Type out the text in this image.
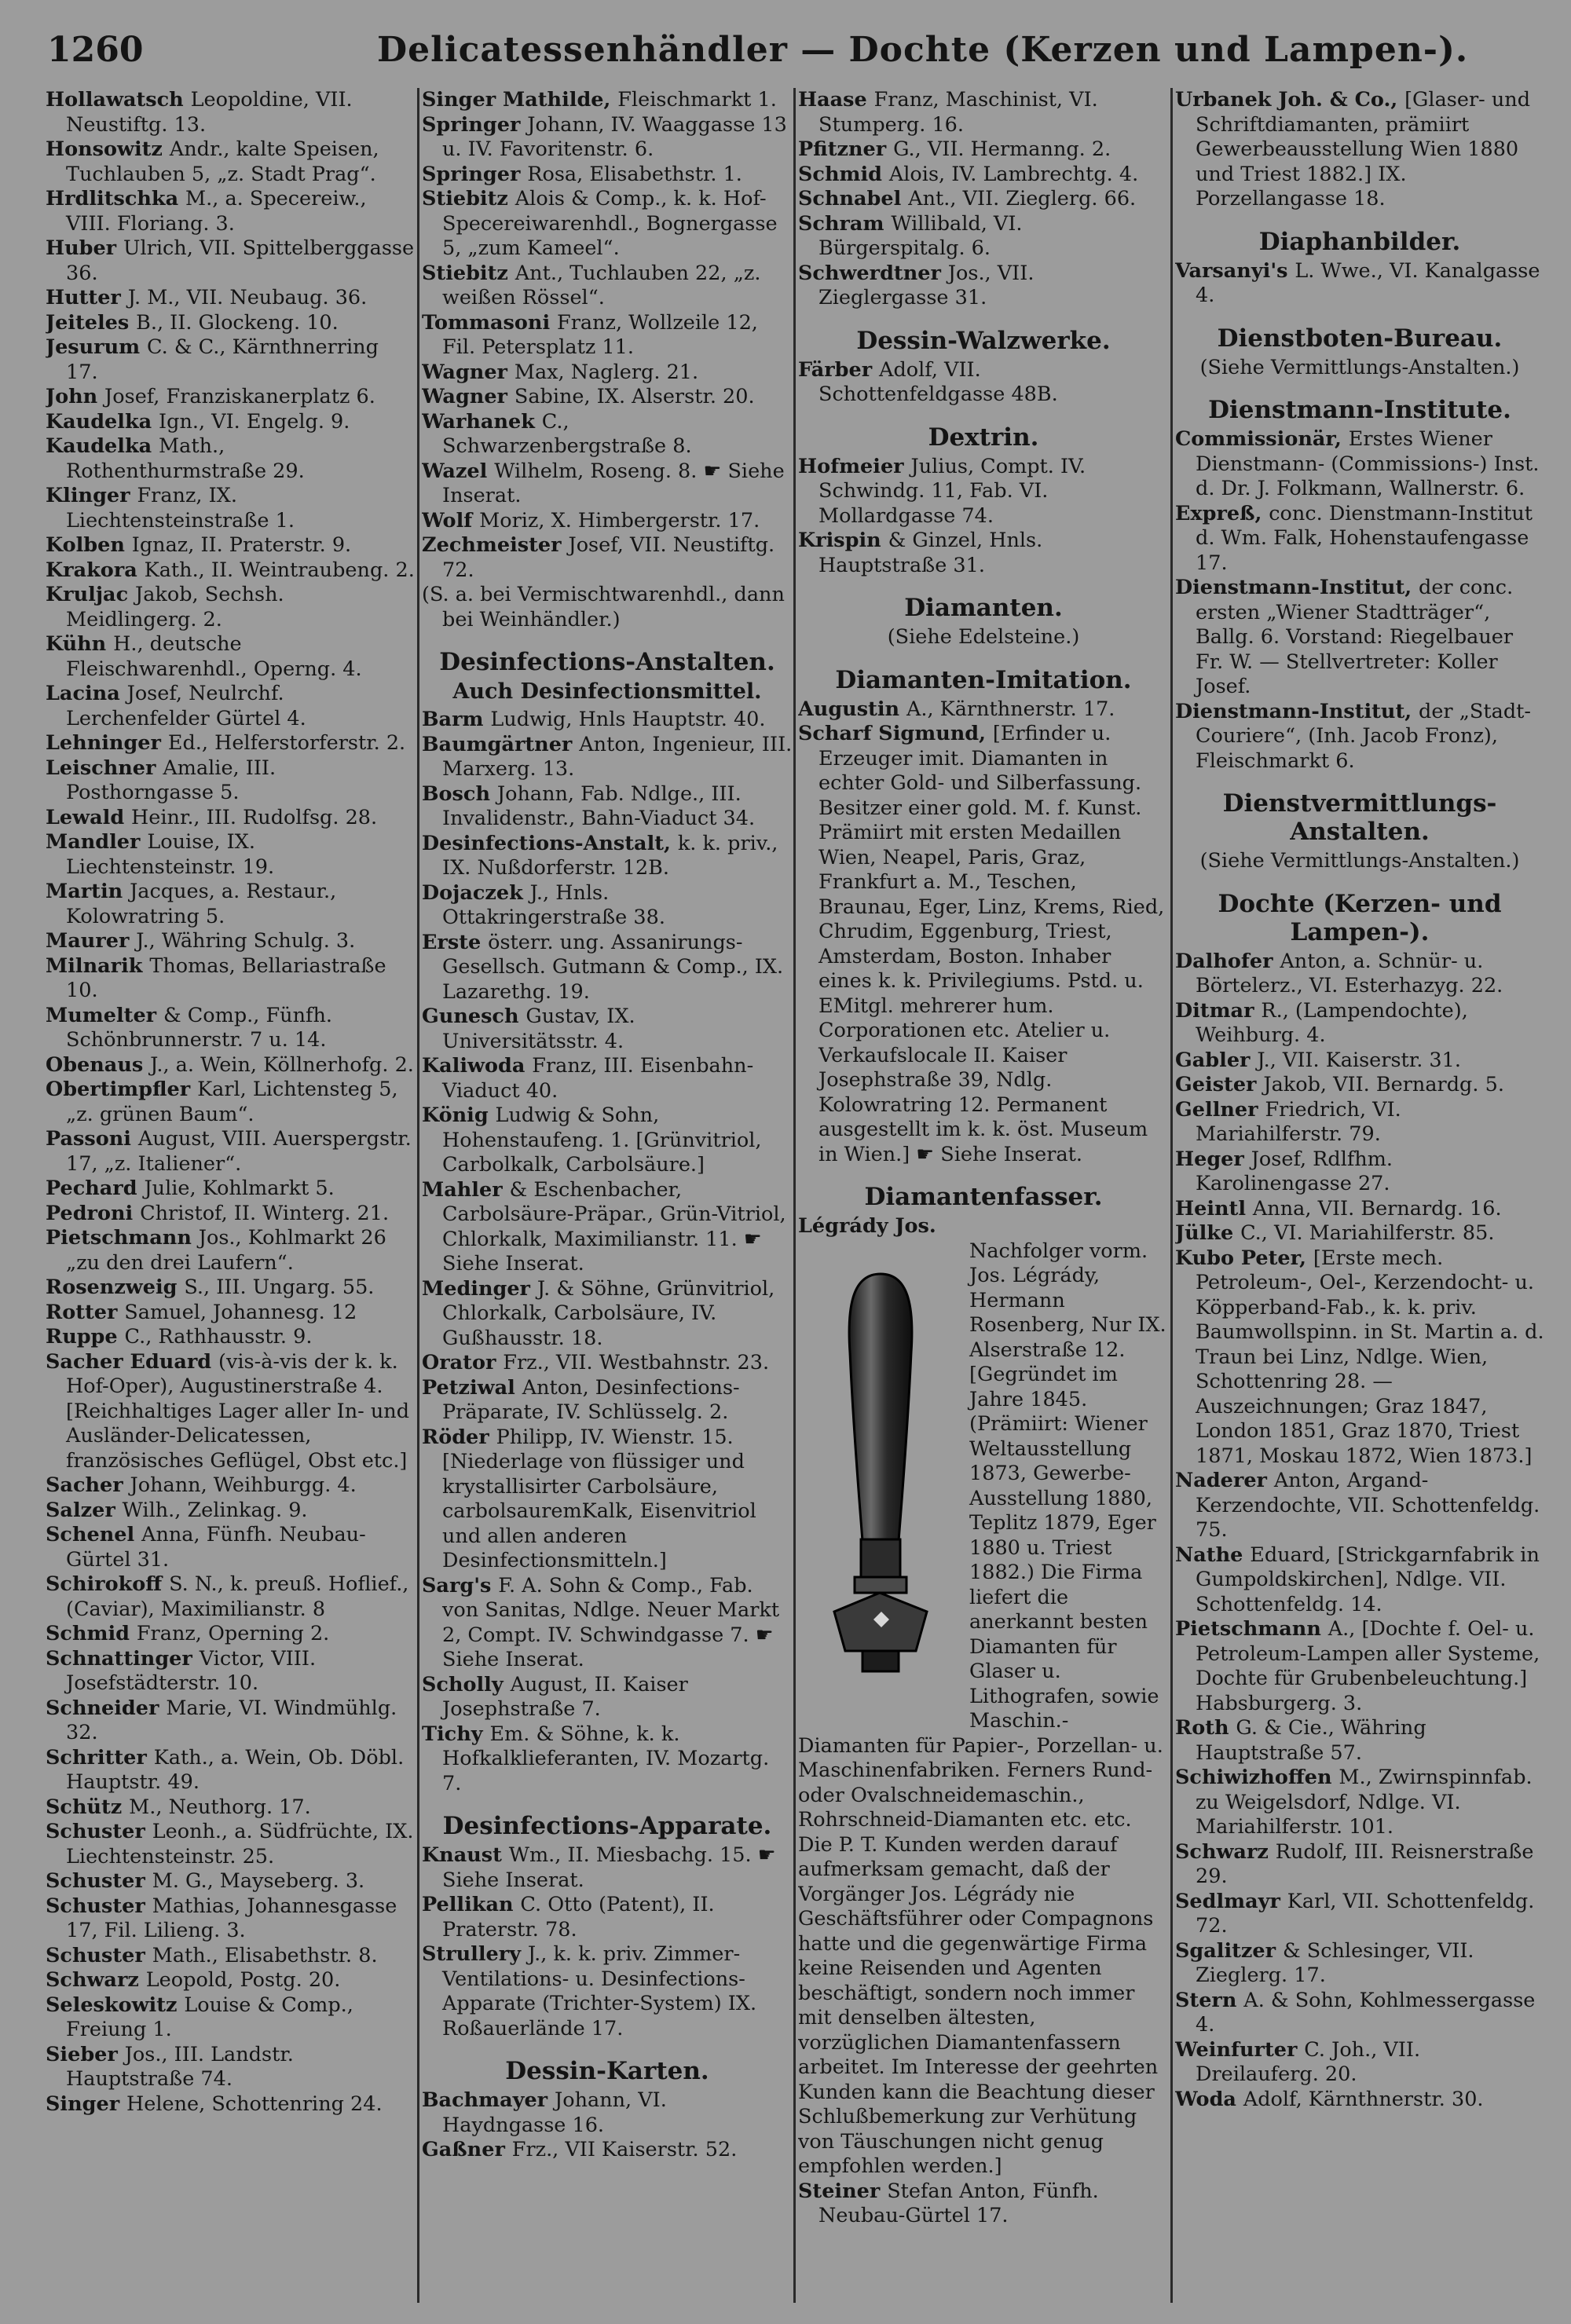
1260	Delicatessenhändler — Dochte (Kerzen und Lampen-).
Hollawatsch Leopoldine, VII. Neustiftg. 13.
Honsowitz Andr., kalte Speisen, Tuchlauben 5, „z. Stadt Prag“.
Hrdlitschka M., a. Specereiw., VIII. Floriang. 3.
Huber Ulrich, VII. Spittelberggasse 36.
Hutter J. M., VII. Neubaug. 36.
Jeiteles B., II. Glockeng. 10.
Jesurum C. & C., Kärnthnerring 17.
John Josef, Franziskanerplatz 6.
Kaudelka Ign., VI. Engelg. 9.
Kaudelka Math., Rothenthurmstraße 29.
Klinger Franz, IX. Liechtensteinstraße 1.
Kolben Ignaz, II. Praterstr. 9.
Krakora Kath., II. Weintraubeng. 2.
Kruljac Jakob, Sechsh. Meidlingerg. 2.
Kühn H., deutsche Fleischwarenhdl., Operng. 4.
Lacina Josef, Neulrchf. Lerchenfelder Gürtel 4.
Lehninger Ed., Helferstorferstr. 2.
Leischner Amalie, III. Posthorngasse 5.
Lewald Heinr., III. Rudolfsg. 28.
Mandler Louise, IX. Liechtensteinstr. 19.
Martin Jacques, a. Restaur., Kolowratring 5.
Maurer J., Währing Schulg. 3.
Milnarik Thomas, Bellariastraße 10.
Mumelter & Comp., Fünfh. Schönbrunnerstr. 7 u. 14.
Obenaus J., a. Wein, Köllnerhofg. 2.
Obertimpfler Karl, Lichtensteg 5, „z. grünen Baum“.
Passoni August, VIII. Auerspergstr. 17, „z. Italiener“.
Pechard Julie, Kohlmarkt 5.
Pedroni Christof, II. Winterg. 21.
Pietschmann Jos., Kohlmarkt 26 „zu den drei Laufern“.
Rosenzweig S., III. Ungarg. 55.
Rotter Samuel, Johannesg. 12
Ruppe C., Rathhausstr. 9.
Sacher Eduard (vis-à-vis der k. k. Hof-Oper), Augustinerstraße 4. [Reichhaltiges Lager aller In- und Ausländer-Delicatessen, französisches Geflügel, Obst etc.]
Sacher Johann, Weihburgg. 4.
Salzer Wilh., Zelinkag. 9.
Schenel Anna, Fünfh. Neubau-Gürtel 31.
Schirokoff S. N., k. preuß. Hoflief., (Caviar), Maximilianstr. 8
Schmid Franz, Operning 2.
Schnattinger Victor, VIII. Josefstädterstr. 10.
Schneider Marie, VI. Windmühlg. 32.
Schritter Kath., a. Wein, Ob. Döbl. Hauptstr. 49.
Schütz M., Neuthorg. 17.
Schuster Leonh., a. Südfrüchte, IX. Liechtensteinstr. 25.
Schuster M. G., Mayseberg. 3.
Schuster Mathias, Johannesgasse 17, Fil. Lilieng. 3.
Schuster Math., Elisabethstr. 8.
Schwarz Leopold, Postg. 20.
Seleskowitz Louise & Comp., Freiung 1.
Sieber Jos., III. Landstr. Hauptstraße 74.
Singer Helene, Schottenring 24.
Singer Mathilde, Fleischmarkt 1.
Springer Johann, IV. Waaggasse 13 u. IV. Favoritenstr. 6.
Springer Rosa, Elisabethstr. 1.
Stiebitz Alois & Comp., k. k. Hof-Specereiwarenhdl., Bognergasse 5, „zum Kameel“.
Stiebitz Ant., Tuchlauben 22, „z. weißen Rössel“.
Tommasoni Franz, Wollzeile 12, Fil. Petersplatz 11.
Wagner Max, Naglerg. 21.
Wagner Sabine, IX. Alserstr. 20.
Warhanek C., Schwarzenbergstraße 8.
Wazel Wilhelm, Roseng. 8. ☛ Siehe Inserat.
Wolf Moriz, X. Himbergerstr. 17.
Zechmeister Josef, VII. Neustiftg. 72.
(S. a. bei Vermischtwarenhdl., dann bei Weinhändler.)
Desinfections-Anstalten.
Auch Desinfectionsmittel.
Barm Ludwig, Hnls Hauptstr. 40.
Baumgärtner Anton, Ingenieur, III. Marxerg. 13.
Bosch Johann, Fab. Ndlge., III. Invalidenstr., Bahn-Viaduct 34.
Desinfections-Anstalt, k. k. priv., IX. Nußdorferstr. 12B.
Dojaczek J., Hnls. Ottakringerstraße 38.
Erste österr. ung. Assanirungs-Gesellsch. Gutmann & Comp., IX. Lazarethg. 19.
Gunesch Gustav, IX. Universitätsstr. 4.
Kaliwoda Franz, III. Eisenbahn-Viaduct 40.
König Ludwig & Sohn, Hohenstaufeng. 1. [Grünvitriol, Carbolkalk, Carbolsäure.]
Mahler & Eschenbacher, Carbolsäure-Präpar., Grün-Vitriol, Chlorkalk, Maximilianstr. 11. ☛ Siehe Inserat.
Medinger J. & Söhne, Grünvitriol, Chlorkalk, Carbolsäure, IV. Gußhausstr. 18.
Orator Frz., VII. Westbahnstr. 23.
Petziwal Anton, Desinfections-Präparate, IV. Schlüsselg. 2.
Röder Philipp, IV. Wienstr. 15. [Niederlage von flüssiger und krystallisirter Carbolsäure, carbolsauremKalk, Eisenvitriol und allen anderen Desinfectionsmitteln.]
Sarg's F. A. Sohn & Comp., Fab. von Sanitas, Ndlge. Neuer Markt 2, Compt. IV. Schwindgasse 7. ☛ Siehe Inserat.
Scholly August, II. Kaiser Josephstraße 7.
Tichy Em. & Söhne, k. k. Hofkalklieferanten, IV. Mozartg. 7.
Desinfections-Apparate.
Knaust Wm., II. Miesbachg. 15. ☛ Siehe Inserat.
Pellikan C. Otto (Patent), II. Praterstr. 78.
Strullery J., k. k. priv. Zimmer-Ventilations- u. Desinfections-Apparate (Trichter-System) IX. Roßauerlände 17.
Dessin-Karten.
Bachmayer Johann, VI. Haydngasse 16.
Gaßner Frz., VII Kaiserstr. 52.
Haase Franz, Maschinist, VI. Stumperg. 16.
Pfitzner G., VII. Hermanng. 2.
Schmid Alois, IV. Lambrechtg. 4.
Schnabel Ant., VII. Zieglerg. 66.
Schram Willibald, VI. Bürgerspitalg. 6.
Schwerdtner Jos., VII. Zieglergasse 31.
Dessin-Walzwerke.
Färber Adolf, VII. Schottenfeldgasse 48B.
Dextrin.
Hofmeier Julius, Compt. IV. Schwindg. 11, Fab. VI. Mollardgasse 74.
Krispin & Ginzel, Hnls. Hauptstraße 31.
Diamanten.
(Siehe Edelsteine.)
Diamanten-Imitation.
Augustin A., Kärnthnerstr. 17.
Scharf Sigmund, [Erfinder u. Erzeuger imit. Diamanten in echter Gold- und Silberfassung. Besitzer einer gold. M. f. Kunst. Prämiirt mit ersten Medaillen Wien, Neapel, Paris, Graz, Frankfurt a. M., Teschen, Braunau, Eger, Linz, Krems, Ried, Chrudim, Eggenburg, Triest, Amsterdam, Boston. Inhaber eines k. k. Privilegiums. Pstd. u. EMitgl. mehrerer hum. Corporationen etc. Atelier u. Verkaufslocale II. Kaiser Josephstraße 39, Ndlg. Kolowratring 12. Permanent ausgestellt im k. k. öst. Museum in Wien.] ☛ Siehe Inserat.
Diamantenfasser.
Légrády Jos.
Nachfolger vorm. Jos. Légrády, Hermann Rosenberg, Nur IX. Alserstraße 12. [Gegründet im Jahre 1845. (Prämiirt: Wiener Weltausstellung 1873, Gewerbe-Ausstellung 1880, Teplitz 1879, Eger 1880 u. Triest 1882.) Die Firma liefert die anerkannt besten Diamanten für Glaser u. Lithografen, sowie Maschin.-Diamanten für Papier-, Porzellan- u. Maschinenfabriken. Ferners Rund- oder Ovalschneidemaschin., Rohrschneid-Diamanten etc. etc. Die P. T. Kunden werden darauf aufmerksam gemacht, daß der Vorgänger Jos. Légrády nie Geschäftsführer oder Compagnons hatte und die gegenwärtige Firma keine Reisenden und Agenten beschäftigt, sondern noch immer mit denselben ältesten, vorzüglichen Diamantenfassern arbeitet. Im Interesse der geehrten Kunden kann die Beachtung dieser Schlußbemerkung zur Verhütung von Täuschungen nicht genug empfohlen werden.]
Steiner Stefan Anton, Fünfh. Neubau-Gürtel 17.
Urbanek Joh. & Co., [Glaser- und Schriftdiamanten, prämiirt Gewerbeausstellung Wien 1880 und Triest 1882.] IX. Porzellangasse 18.
Diaphanbilder.
Varsanyi's L. Wwe., VI. Kanalgasse 4.
Dienstboten-Bureau.
(Siehe Vermittlungs-Anstalten.)
Dienstmann-Institute.
Commissionär, Erstes Wiener Dienstmann- (Commissions-) Inst. d. Dr. J. Folkmann, Wallnerstr. 6.
Expreß, conc. Dienstmann-Institut d. Wm. Falk, Hohenstaufengasse 17.
Dienstmann-Institut, der conc. ersten „Wiener Stadtträger“, Ballg. 6. Vorstand: Riegelbauer Fr. W. — Stellvertreter: Koller Josef.
Dienstmann-Institut, der „Stadt-Couriere“, (Inh. Jacob Fronz), Fleischmarkt 6.
Dienstvermittlungs-Anstalten.
(Siehe Vermittlungs-Anstalten.)
Dochte (Kerzen- und Lampen-).
Dalhofer Anton, a. Schnür- u. Börtelerz., VI. Esterhazyg. 22.
Ditmar R., (Lampendochte), Weihburg. 4.
Gabler J., VII. Kaiserstr. 31.
Geister Jakob, VII. Bernardg. 5.
Gellner Friedrich, VI. Mariahilferstr. 79.
Heger Josef, Rdlfhm. Karolinengasse 27.
Heintl Anna, VII. Bernardg. 16.
Jülke C., VI. Mariahilferstr. 85.
Kubo Peter, [Erste mech. Petroleum-, Oel-, Kerzendocht- u. Köpperband-Fab., k. k. priv. Baumwollspinn. in St. Martin a. d. Traun bei Linz, Ndlge. Wien, Schottenring 28. — Auszeichnungen; Graz 1847, London 1851, Graz 1870, Triest 1871, Moskau 1872, Wien 1873.]
Naderer Anton, Argand-Kerzendochte, VII. Schottenfeldg. 75.
Nathe Eduard, [Strickgarnfabrik in Gumpoldskirchen], Ndlge. VII. Schottenfeldg. 14.
Pietschmann A., [Dochte f. Oel- u. Petroleum-Lampen aller Systeme, Dochte für Grubenbeleuchtung.] Habsburgerg. 3.
Roth G. & Cie., Währing Hauptstraße 57.
Schiwizhoffen M., Zwirnspinnfab. zu Weigelsdorf, Ndlge. VI. Mariahilferstr. 101.
Schwarz Rudolf, III. Reisnerstraße 29.
Sedlmayr Karl, VII. Schottenfeldg. 72.
Sgalitzer & Schlesinger, VII. Zieglerg. 17.
Stern A. & Sohn, Kohlmessergasse 4.
Weinfurter C. Joh., VII. Dreilauferg. 20.
Woda Adolf, Kärnthnerstr. 30.
